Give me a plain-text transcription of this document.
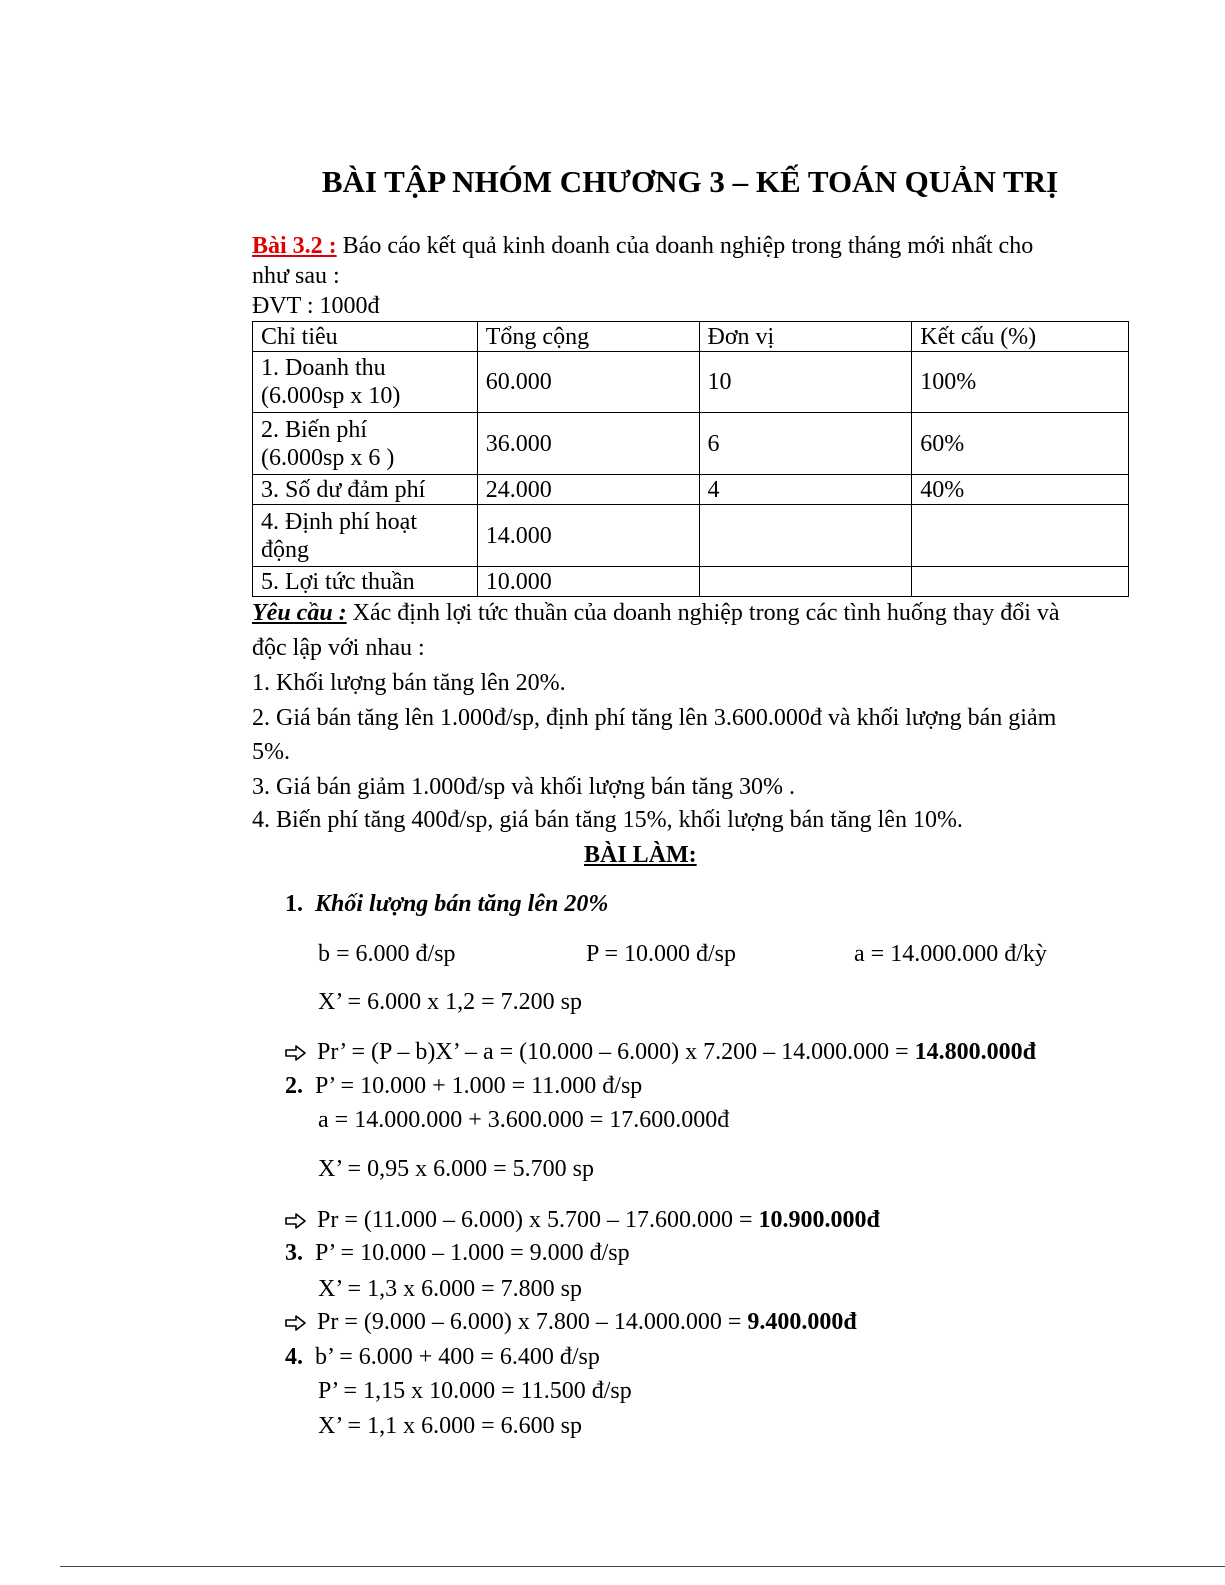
BÀI TẬP NHÓM CHƯƠNG 3 – KẾ TOÁN QUẢN TRỊ
Bài 3.2 : Báo cáo kết quả kinh doanh của doanh nghiệp trong tháng mới nhất cho
như sau :
ĐVT : 1000đ
Chỉ tiêu	Tổng cộng	Đơn vị	Kết cấu (%)

1. Doanh thu
(6.000sp x 10)	60.000	10	100%

2. Biến phí
(6.000sp x 6 )	36.000	6	60%
3. Số dư đảm phí	24.000	4	40%

4. Định phí hoạt
động	14.000		
5. Lợi tức thuần	10.000		
Yêu cầu : Xác định lợi tức thuần của doanh nghiệp trong các tình huống thay đổi và
độc lập với nhau :
1. Khối lượng bán tăng lên 20%.
2. Giá bán tăng lên 1.000đ/sp, định phí tăng lên 3.600.000đ và khối lượng bán giảm
5%.
3. Giá bán giảm 1.000đ/sp và khối lượng bán tăng 30% .
4. Biến phí tăng 400đ/sp, giá bán tăng 15%, khối lượng bán tăng lên 10%.
BÀI LÀM:
1. Khối lượng bán tăng lên 20%
b = 6.000 đ/sp	P = 10.000 đ/sp	a = 14.000.000 đ/kỳ
X’ = 6.000 x 1,2 = 7.200 sp
Pr’ = (P – b)X’ – a = (10.000 – 6.000) x 7.200 – 14.000.000 = 14.800.000đ
2. P’ = 10.000 + 1.000 = 11.000 đ/sp
a = 14.000.000 + 3.600.000 = 17.600.000đ
X’ = 0,95 x 6.000 = 5.700 sp
Pr = (11.000 – 6.000) x 5.700 – 17.600.000 = 10.900.000đ
3. P’ = 10.000 – 1.000 = 9.000 đ/sp
X’ = 1,3 x 6.000 = 7.800 sp
Pr = (9.000 – 6.000) x 7.800 – 14.000.000 = 9.400.000đ
4. b’ = 6.000 + 400 = 6.400 đ/sp
P’ = 1,15 x 10.000 = 11.500 đ/sp
X’ = 1,1 x 6.000 = 6.600 sp
